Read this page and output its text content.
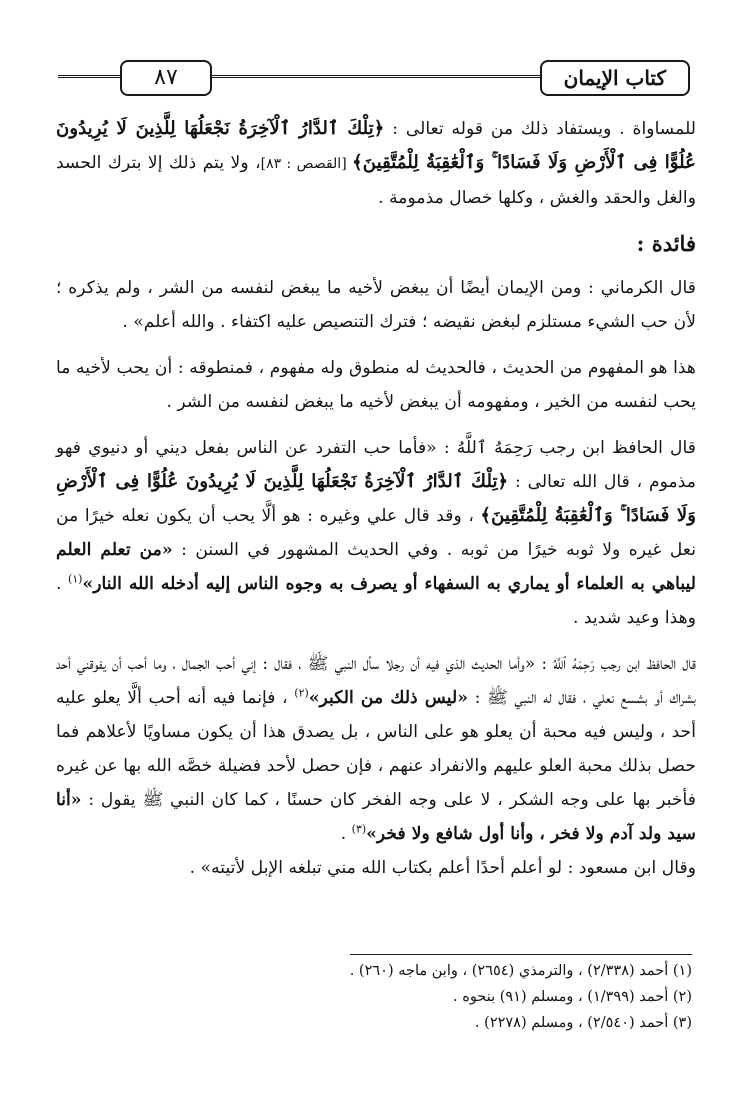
٨٧	كتاب الإيمان

للمساواة . ويستفاد ذلك من قوله تعالى : ﴿تِلْكَ ٱلدَّارُ ٱلْآخِرَةُ نَجْعَلُهَا لِلَّذِينَ لَا يُرِيدُونَ عُلُوًّا فِى ٱلْأَرْضِ وَلَا فَسَادًا ۚ وَٱلْعَٰقِبَةُ لِلْمُتَّقِينَ﴾ [القصص : ٨٣]، ولا يتم ذلك إلا بترك الحسد والغل والحقد والغش ، وكلها خصال مذمومة .

فائدة :

قال الكرماني : ومن الإيمان أيضًا أن يبغض لأخيه ما يبغض لنفسه من الشر ، ولم يذكره ؛ لأن حب الشيء مستلزم لبغض نقيضه ؛ فترك التنصيص عليه اكتفاء . والله أعلم» .

هذا هو المفهوم من الحديث ، فالحديث له منطوق وله مفهوم ، فمنطوقه : أن يحب لأخيه ما يحب لنفسه من الخير ، ومفهومه أن يبغض لأخيه ما يبغض لنفسه من الشر .

قال الحافظ ابن رجب رَحِمَهُ ٱللَّهُ : «فأما حب التفرد عن الناس بفعل ديني أو دنيوي فهو مذموم ، قال الله تعالى : ﴿تِلْكَ ٱلدَّارُ ٱلْآخِرَةُ نَجْعَلُهَا لِلَّذِينَ لَا يُرِيدُونَ عُلُوًّا فِى ٱلْأَرْضِ وَلَا فَسَادًا ۚ وَٱلْعَٰقِبَةُ لِلْمُتَّقِينَ﴾ ، وقد قال علي وغيره : هو ألَّا يحب أن يكون نعله خيرًا من نعل غيره ولا ثوبه خيرًا من ثوبه . وفي الحديث المشهور في السنن : «من تعلم العلم ليباهي به العلماء أو يماري به السفهاء أو يصرف به وجوه الناس إليه أدخله الله النار»$^{(١)}$ . وهذا وعيد شديد .

قال الحافظ ابن رجب رَحِمَهُ ٱللَّهُ : «وأما الحديث الذي فيه أن رجلا سأل النبي ﷺ ، فقال : إني أحب الجمال ، وما أحب أن يفوقني أحد بشراك أو بشسع نعلي ، فقال له النبي ﷺ : «ليس ذلك من الكبر»$^{(٢)}$ ، فإنما فيه أنه أحب ألَّا يعلو عليه أحد ، وليس فيه محبة أن يعلو هو على الناس ، بل يصدق هذا أن يكون مساويًا لأعلاهم فما حصل بذلك محبة العلو عليهم والانفراد عنهم ، فإن حصل لأحد فضيلة خصَّه الله بها عن غيره فأخبر بها على وجه الشكر ، لا على وجه الفخر كان حسنًا ، كما كان النبي ﷺ يقول : «أنا سيد ولد آدم ولا فخر ، وأنا أول شافع ولا فخر»$^{(٣)}$ .
وقال ابن مسعود : لو أعلم أحدًا أعلم بكتاب الله مني تبلغه الإبل لأتيته» .

(١) أحمد (٢/٣٣٨) ، والترمذي (٢٦٥٤) ، وابن ماجه (٢٦٠) .

(٢) أحمد (١/٣٩٩) ، ومسلم (٩١) بنحوه .

(٣) أحمد (٢/٥٤٠) ، ومسلم (٢٢٧٨) .
